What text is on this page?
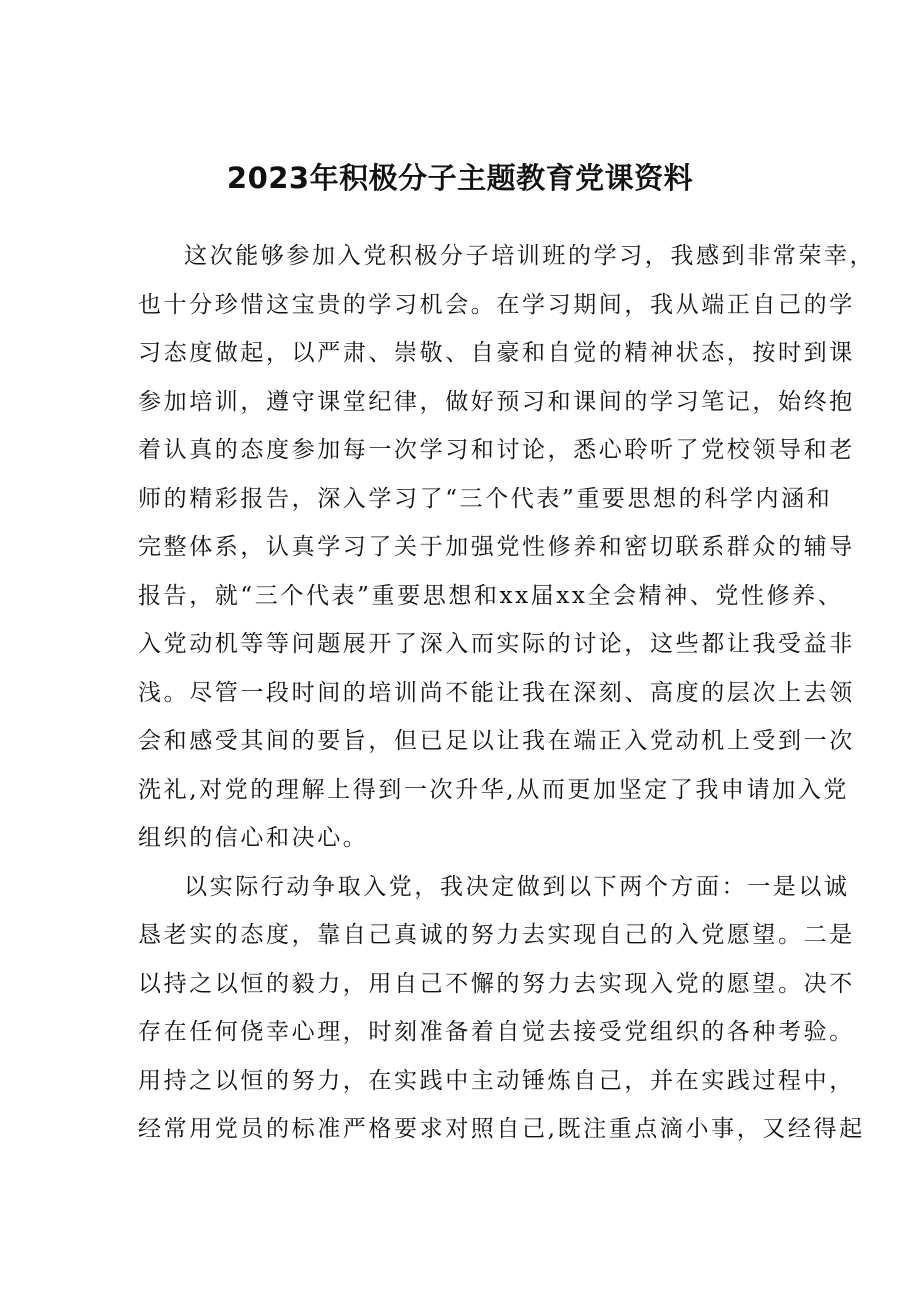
2023年积极分子主题教育党课资料

这次能够参加入党积极分子培训班的学习，我感到非常荣幸，
也十分珍惜这宝贵的学习机会。在学习期间，我从端正自己的学
习态度做起，以严肃、崇敬、自豪和自觉的精神状态，按时到课
参加培训，遵守课堂纪律，做好预习和课间的学习笔记，始终抱
着认真的态度参加每一次学习和讨论，悉心聆听了党校领导和老
师的精彩报告，深入学习了“三个代表”重要思想的科学内涵和
完整体系，认真学习了关于加强党性修养和密切联系群众的辅导
报告，就“三个代表”重要思想和xx届xx全会精神、党性修养、
入党动机等等问题展开了深入而实际的讨论，这些都让我受益非
浅。尽管一段时间的培训尚不能让我在深刻、高度的层次上去领
会和感受其间的要旨，但已足以让我在端正入党动机上受到一次
洗礼,对党的理解上得到一次升华,从而更加坚定了我申请加入党
组织的信心和决心。

以实际行动争取入党，我决定做到以下两个方面：一是以诚
恳老实的态度，靠自己真诚的努力去实现自己的入党愿望。二是
以持之以恒的毅力，用自己不懈的努力去实现入党的愿望。决不
存在任何侥幸心理，时刻准备着自觉去接受党组织的各种考验。
用持之以恒的努力，在实践中主动锤炼自己，并在实践过程中，
经常用党员的标准严格要求对照自己,既注重点滴小事，又经得起
